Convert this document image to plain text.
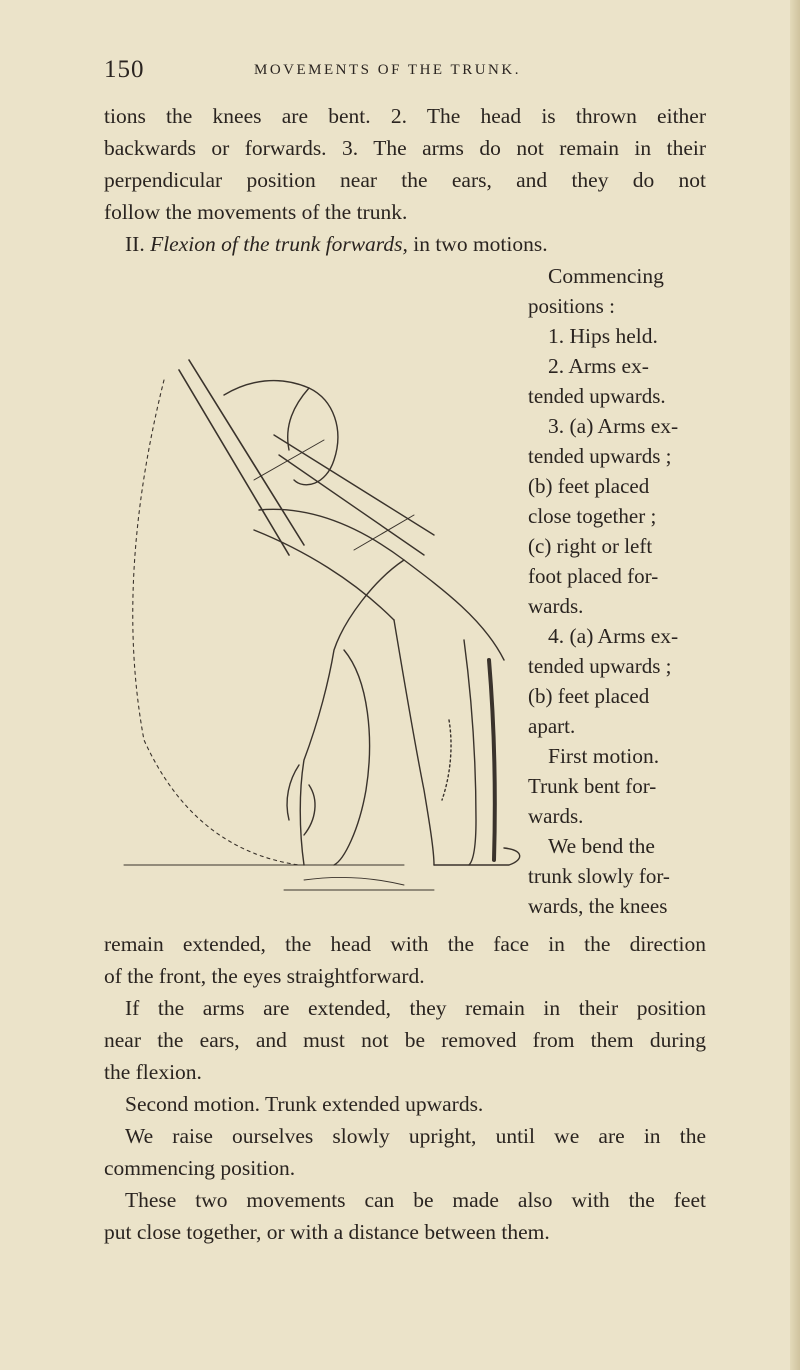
150	MOVEMENTS OF THE TRUNK.
tions the knees are bent. 2. The head is thrown either
backwards or forwards. 3. The arms do not remain in their
perpendicular position near the ears, and they do not
follow the movements of the trunk.
II. Flexion of the trunk forwards, in two motions.
Commencing
positions :
1. Hips held.
2. Arms ex-
tended upwards.
3. (a) Arms ex-
tended upwards ;
(b) feet placed
close together ;
(c) right or left
foot placed for-
wards.
4. (a) Arms ex-
tended upwards ;
(b) feet placed
apart.
First motion.
Trunk bent for-
wards.
We bend the
trunk slowly for-
wards, the knees
remain extended, the head with the face in the direction
of the front, the eyes straightforward.
If the arms are extended, they remain in their position
near the ears, and must not be removed from them during
the flexion.
Second motion. Trunk extended upwards.
We raise ourselves slowly upright, until we are in the
commencing position.
These two movements can be made also with the feet
put close together, or with a distance between them.
